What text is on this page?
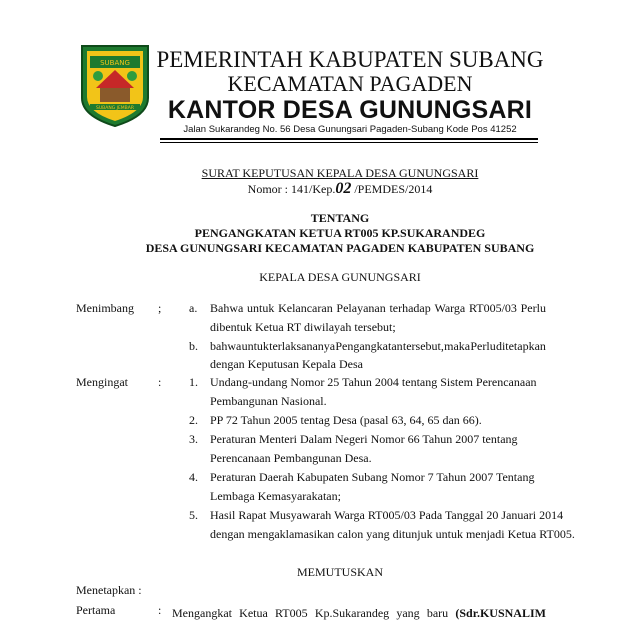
SUBANG
SUBANG JEMBAR
PEMERINTAH KABUPATEN SUBANG
KECAMATAN PAGADEN
KANTOR DESA GUNUNGSARI
Jalan Sukarandeg No. 56 Desa Gunungsari Pagaden-Subang Kode Pos 41252
SURAT KEPUTUSAN KEPALA DESA GUNUNGSARI
Nomor : 141/Kep.02 /PEMDES/2014
TENTANG
PENGANGKATAN KETUA RT005 KP.SUKARANDEG
DESA GUNUNGSARI KECAMATAN PAGADEN KABUPATEN SUBANG
KEPALA DESA GUNUNGSARI
Menimbang ; a. Bahwa untuk Kelancaran Pelayanan terhadap Warga RT005/03 Perlu
dibentuk Ketua RT diwilayah tersebut;
b. bahwa untuk terlaksananya Pengangkatan tersebut, maka Perlu ditetapkan
dengan Keputusan Kepala Desa
Mengingat	: 1. Undang-undang Nomor 25 Tahun 2004 tentang Sistem Perencanaan
Pembangunan Nasional.
2. PP 72 Tahun 2005 tentag Desa (pasal 63, 64, 65 dan 66).
3. Peraturan Menteri Dalam Negeri Nomor 66 Tahun 2007 tentang
Perencanaan Pembangunan Desa.
4. Peraturan Daerah Kabupaten Subang Nomor 7 Tahun 2007 Tentang
Lembaga Kemasyarakatan;
5. Hasil Rapat Musyawarah Warga RT005/03 Pada Tanggal 20 Januari 2014
dengan mengaklamasikan calon yang ditunjuk untuk menjadi Ketua RT005.
MEMUTUSKAN
Menetapkan :
Pertama	: Mengangkat Ketua RT005 Kp.Sukarandeg yang baru (Sdr.KUSNALIM
